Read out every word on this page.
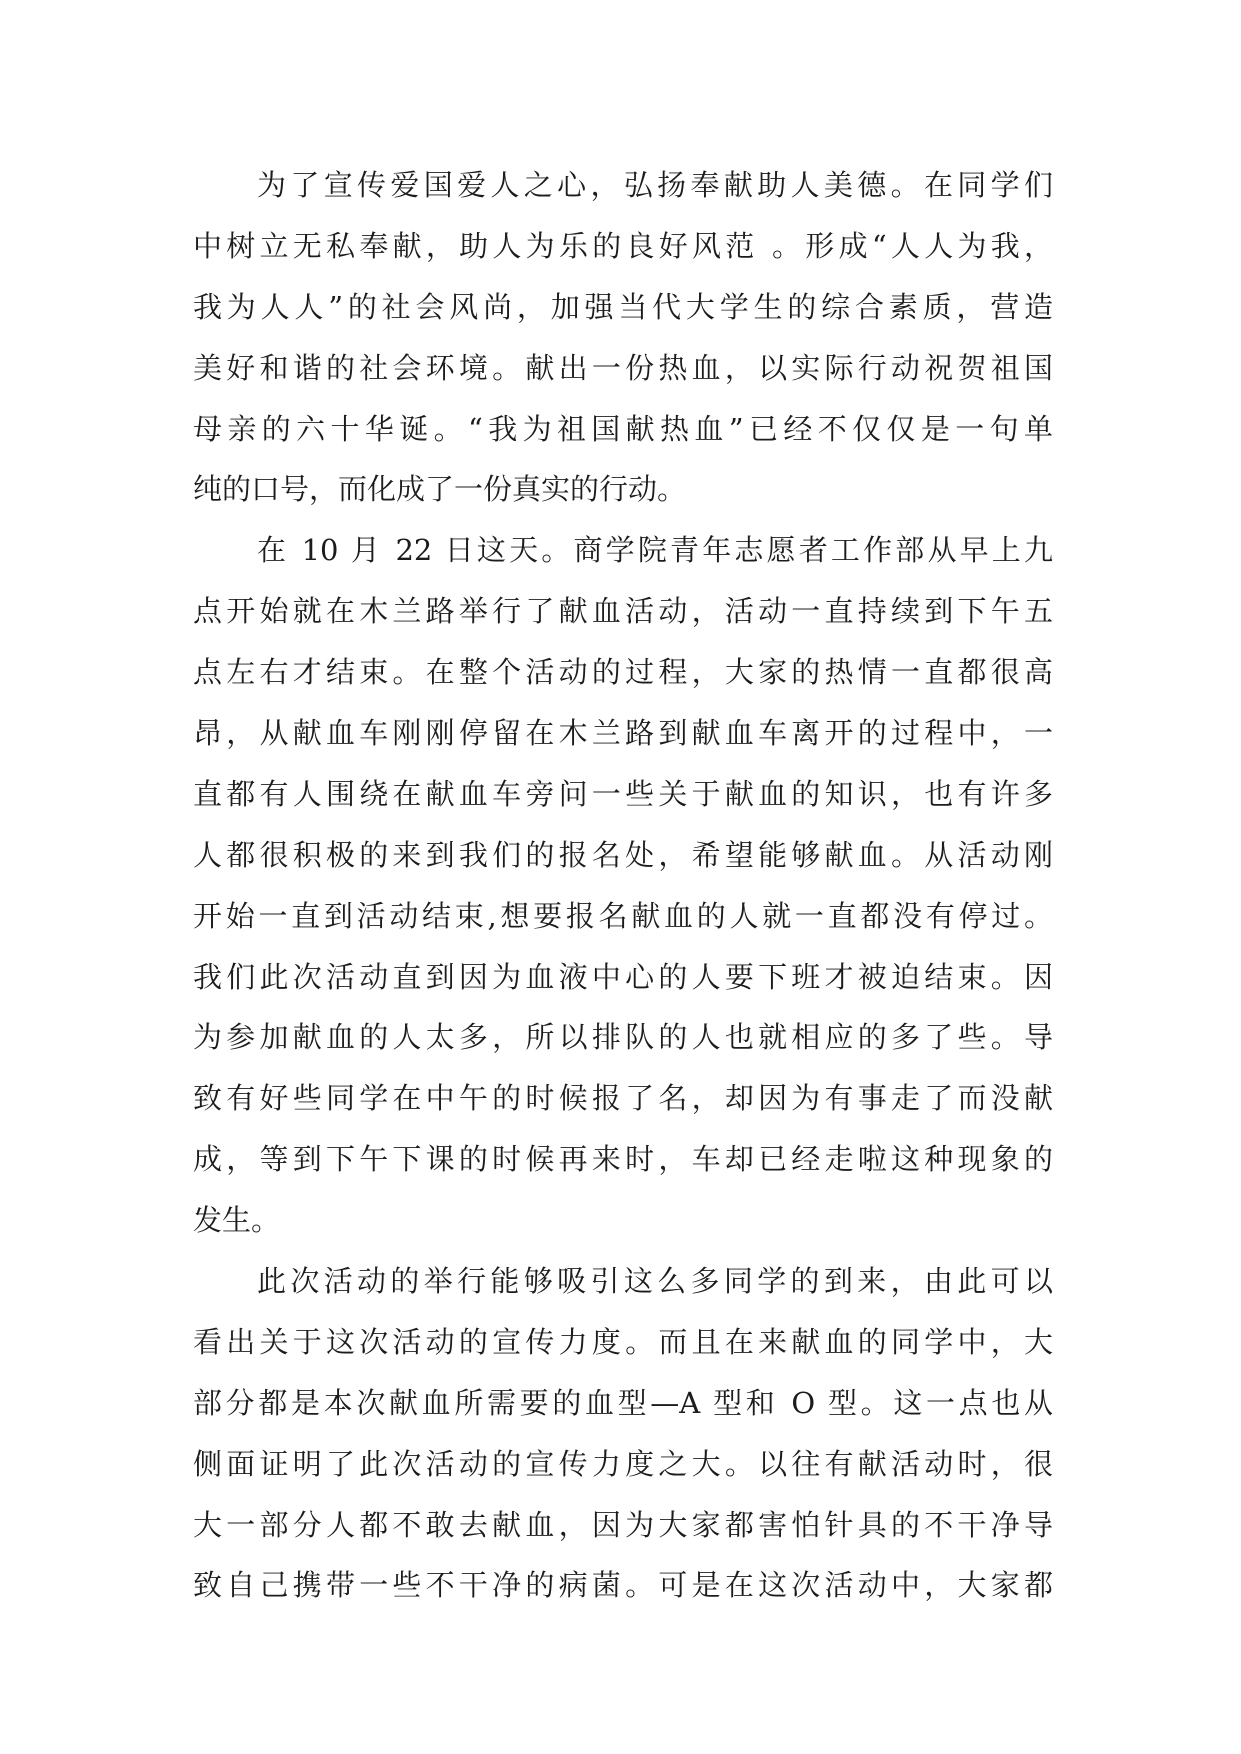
为了宣传爱国爱人之心，弘扬奉献助人美德。在同学们
中树立无私奉献，助人为乐的良好风范 。形成“人人为我，
我为人人”的社会风尚，加强当代大学生的综合素质，营造
美好和谐的社会环境。献出一份热血，以实际行动祝贺祖国
母亲的六十华诞。“我为祖国献热血”已经不仅仅是一句单
纯的口号，而化成了一份真实的行动。
在 10 月 22 日这天。商学院青年志愿者工作部从早上九
点开始就在木兰路举行了献血活动，活动一直持续到下午五
点左右才结束。在整个活动的过程，大家的热情一直都很高
昂，从献血车刚刚停留在木兰路到献血车离开的过程中，一
直都有人围绕在献血车旁问一些关于献血的知识，也有许多
人都很积极的来到我们的报名处，希望能够献血。从活动刚
开始一直到活动结束,想要报名献血的人就一直都没有停过。
我们此次活动直到因为血液中心的人要下班才被迫结束。因
为参加献血的人太多，所以排队的人也就相应的多了些。导
致有好些同学在中午的时候报了名，却因为有事走了而没献
成，等到下午下课的时候再来时，车却已经走啦这种现象的
发生。
此次活动的举行能够吸引这么多同学的到来，由此可以
看出关于这次活动的宣传力度。而且在来献血的同学中，大
部分都是本次献血所需要的血型—A 型和 O 型。这一点也从
侧面证明了此次活动的宣传力度之大。以往有献活动时，很
大一部分人都不敢去献血，因为大家都害怕针具的不干净导
致自己携带一些不干净的病菌。可是在这次活动中，大家都
